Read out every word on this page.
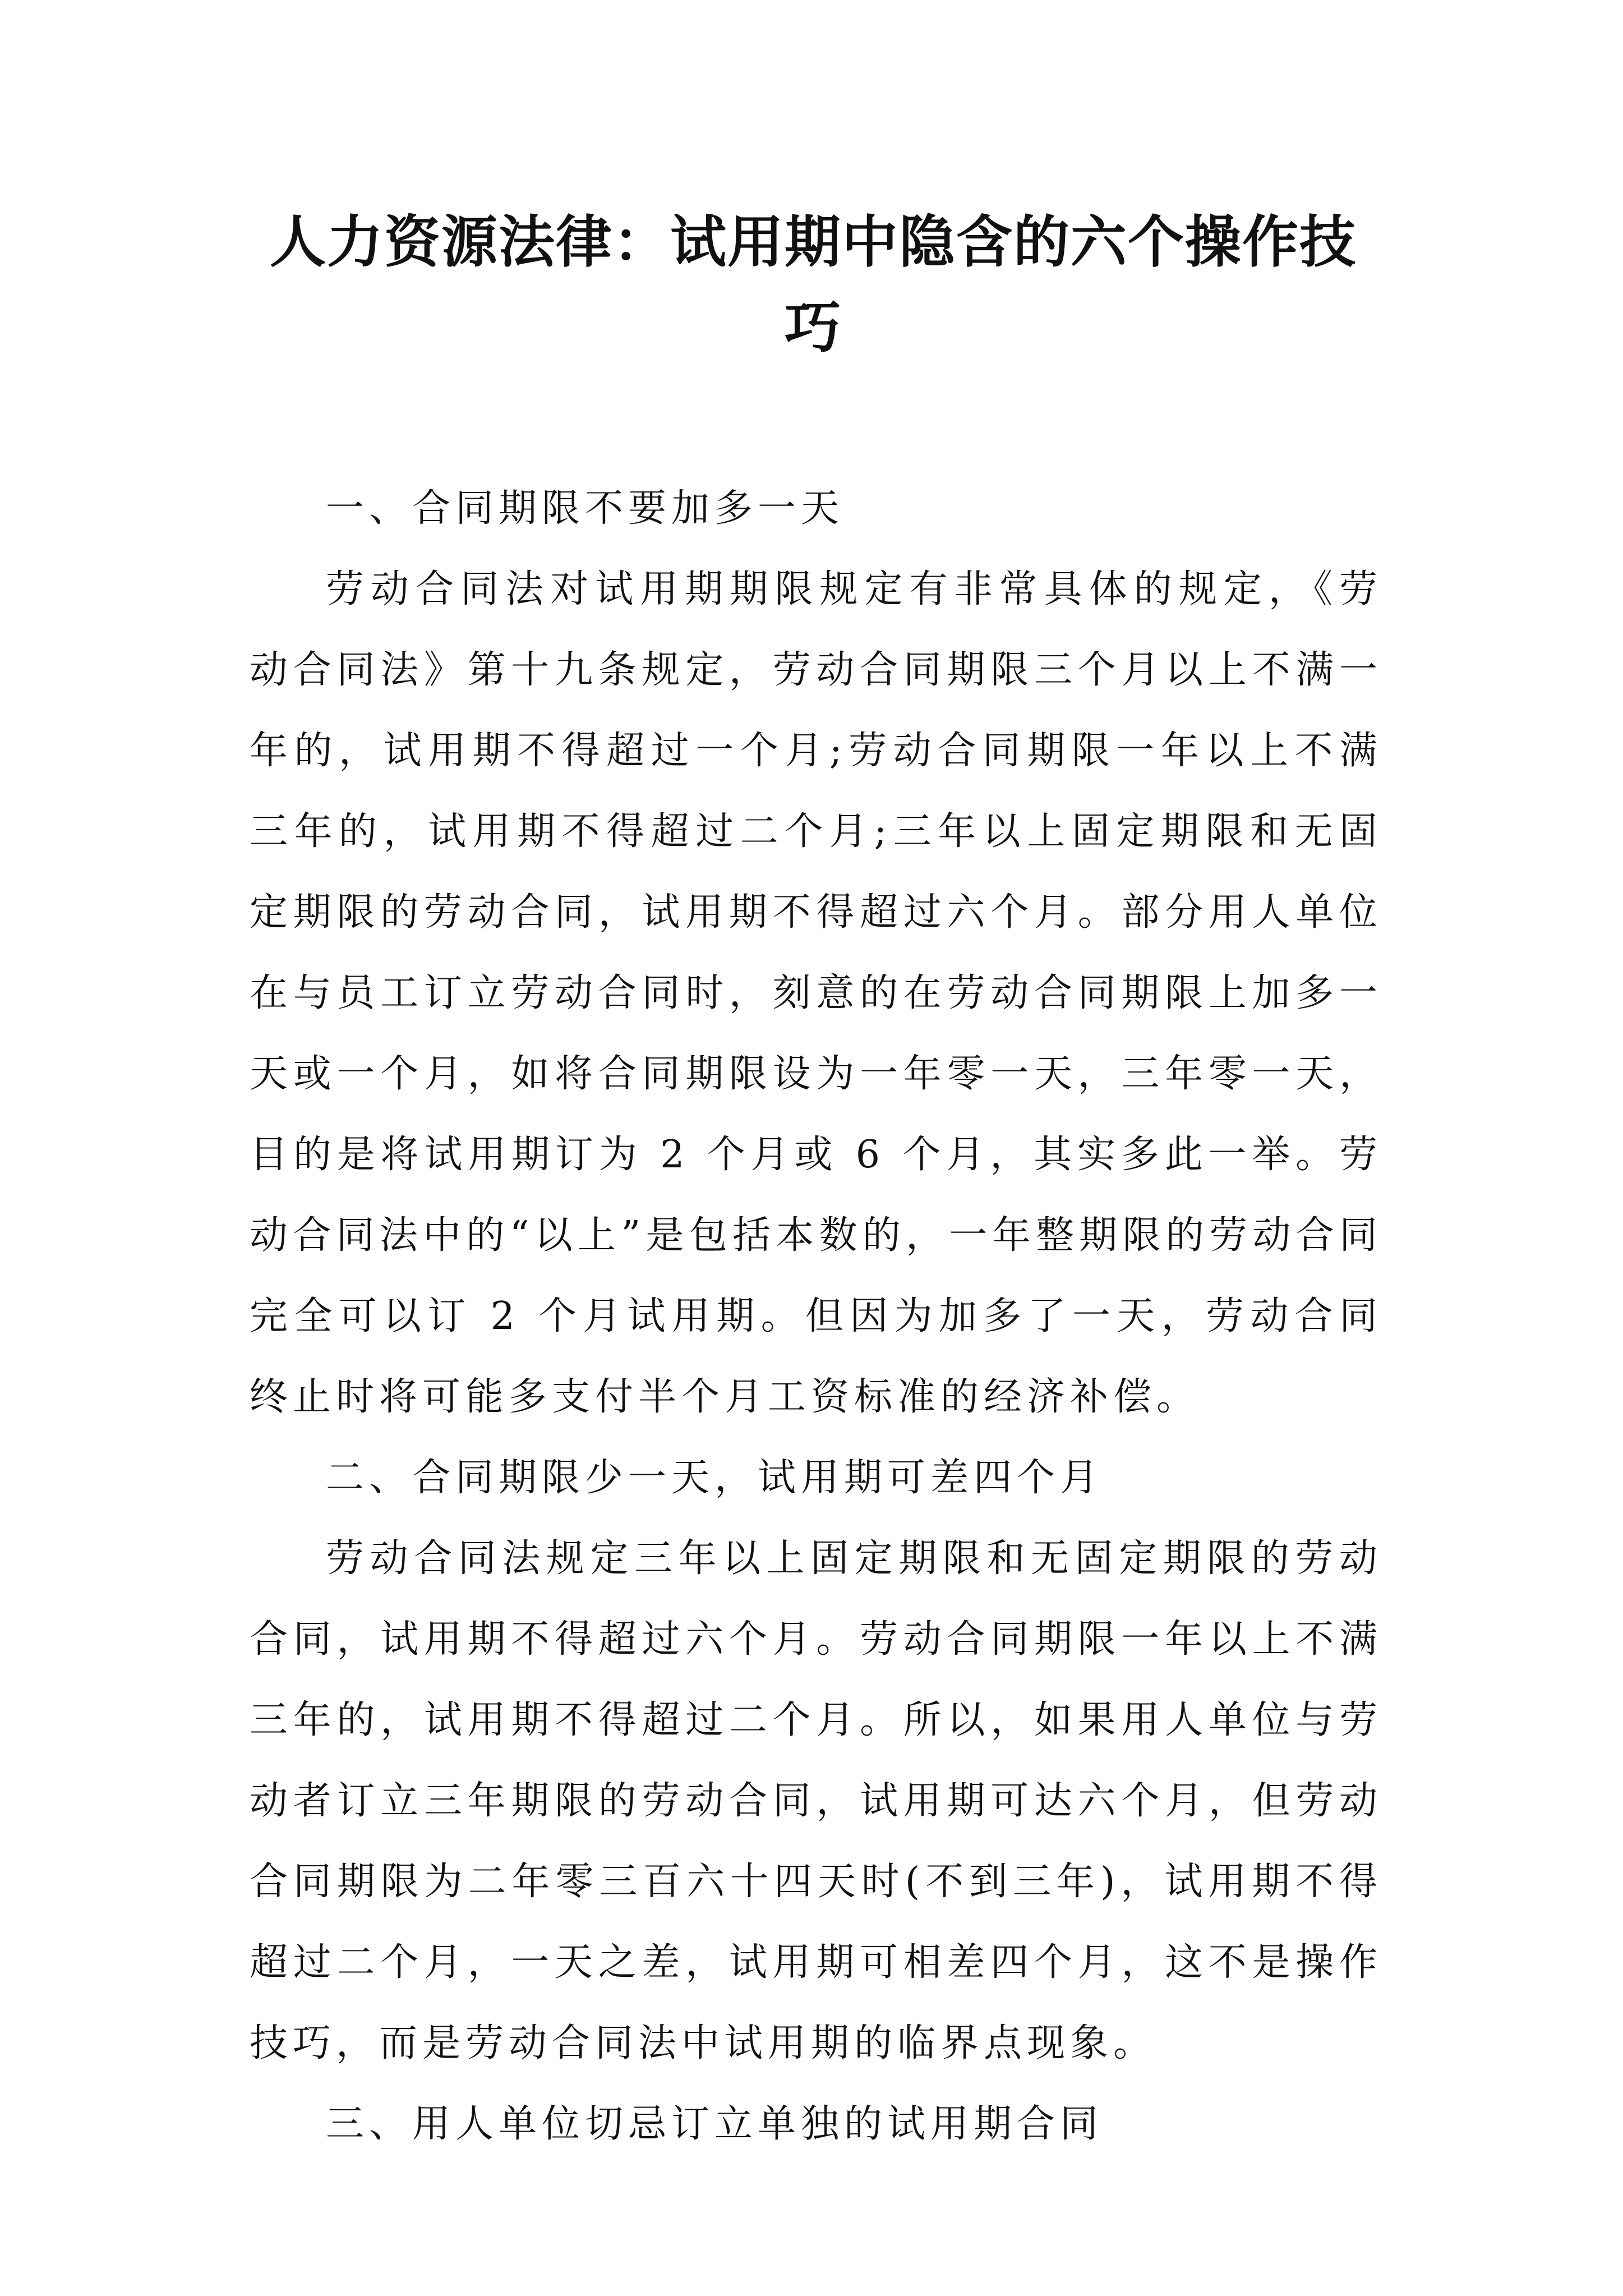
人力资源法律：试用期中隐含的六个操作技巧

一、合同期限不要加多一天

劳动合同法对试用期期限规定有非常具体的规定，《劳动合同法》第十九条规定，劳动合同期限三个月以上不满一年的，试用期不得超过一个月;劳动合同期限一年以上不满三年的，试用期不得超过二个月;三年以上固定期限和无固定期限的劳动合同，试用期不得超过六个月。部分用人单位在与员工订立劳动合同时，刻意的在劳动合同期限上加多一天或一个月，如将合同期限设为一年零一天，三年零一天，目的是将试用期订为 2 个月或 6 个月，其实多此一举。劳动合同法中的“以上”是包括本数的，一年整期限的劳动合同完全可以订 2 个月试用期。但因为加多了一天，劳动合同终止时将可能多支付半个月工资标准的经济补偿。

二、合同期限少一天，试用期可差四个月

劳动合同法规定三年以上固定期限和无固定期限的劳动合同，试用期不得超过六个月。劳动合同期限一年以上不满三年的，试用期不得超过二个月。所以，如果用人单位与劳动者订立三年期限的劳动合同，试用期可达六个月，但劳动合同期限为二年零三百六十四天时(不到三年)，试用期不得超过二个月，一天之差，试用期可相差四个月，这不是操作技巧，而是劳动合同法中试用期的临界点现象。

三、用人单位切忌订立单独的试用期合同
